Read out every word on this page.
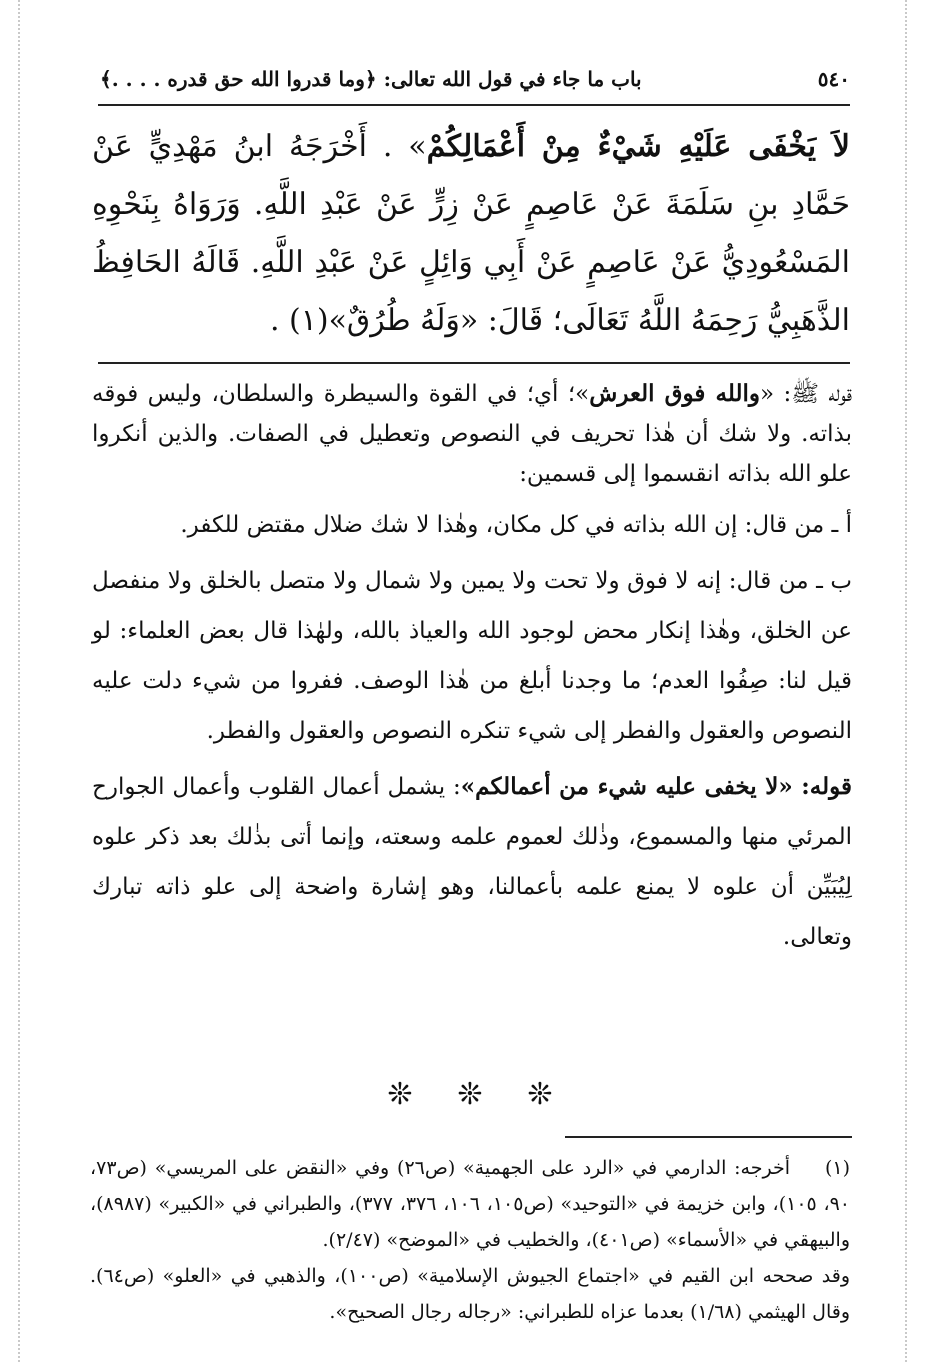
٥٤٠
باب ما جاء في قول الله تعالى: ﴿وما قدروا الله حق قدره . . . .﴾

لاَ يَخْفَى عَلَيْهِ شَيْءٌ مِنْ أَعْمَالِكُمْ» . أَخْرَجَهُ ابنُ مَهْدِيٍّ عَنْ حَمَّادِ بنِ سَلَمَةَ عَنْ عَاصِمٍ عَنْ زِرٍّ عَنْ عَبْدِ اللَّهِ. وَرَوَاهُ بِنَحْوِهِ المَسْعُودِيُّ عَنْ عَاصِمٍ عَنْ أَبِي وَائِلٍ عَنْ عَبْدِ اللَّهِ. قَالَهُ الحَافِظُ الذَّهَبِيُّ رَحِمَهُ اللَّهُ تَعَالَى؛ قَالَ: «وَلَهُ طُرُقٌ»(١) .

قوله ﷺ: «والله فوق العرش»؛ أي؛ في القوة والسيطرة والسلطان، وليس فوقه بذاته. ولا شك أن هٰذا تحريف في النصوص وتعطيل في الصفات. والذين أنكروا علو الله بذاته انقسموا إلى قسمين:

أ ـ من قال: إن الله بذاته في كل مكان، وهٰذا لا شك ضلال مقتض للكفر.

ب ـ من قال: إنه لا فوق ولا تحت ولا يمين ولا شمال ولا متصل بالخلق ولا منفصل عن الخلق، وهٰذا إنكار محض لوجود الله والعياذ بالله، ولهٰذا قال بعض العلماء: لو قيل لنا: صِفُوا العدم؛ ما وجدنا أبلغ من هٰذا الوصف. ففروا من شيء دلت عليه النصوص والعقول والفطر إلى شيء تنكره النصوص والعقول والفطر.

قوله: «لا يخفى عليه شيء من أعمالكم»: يشمل أعمال القلوب وأعمال الجوارح المرئي منها والمسموع، وذٰلك لعموم علمه وسعته، وإنما أتى بذٰلك بعد ذكر علوه لِيُبَيِّن أن علوه لا يمنع علمه بأعمالنا، وهو إشارة واضحة إلى علو ذاته تبارك وتعالى.

❊
❊
❊

(١)أخرجه: الدارمي في «الرد على الجهمية» (ص٢٦) وفي «النقض على المريسي» (ص٧٣، ٩٠، ١٠٥)، وابن خزيمة في «التوحيد» (ص١٠٥، ١٠٦، ٣٧٦، ٣٧٧)، والطبراني في «الكبير» (٨٩٨٧)، والبيهقي في «الأسماء» (ص٤٠١)، والخطيب في «الموضح» (٢/٤٧).

وقد صححه ابن القيم في «اجتماع الجيوش الإسلامية» (ص١٠٠)، والذهبي في «العلو» (ص٦٤). وقال الهيثمي (١/٦٨) بعدما عزاه للطبراني: «رجاله رجال الصحيح».
